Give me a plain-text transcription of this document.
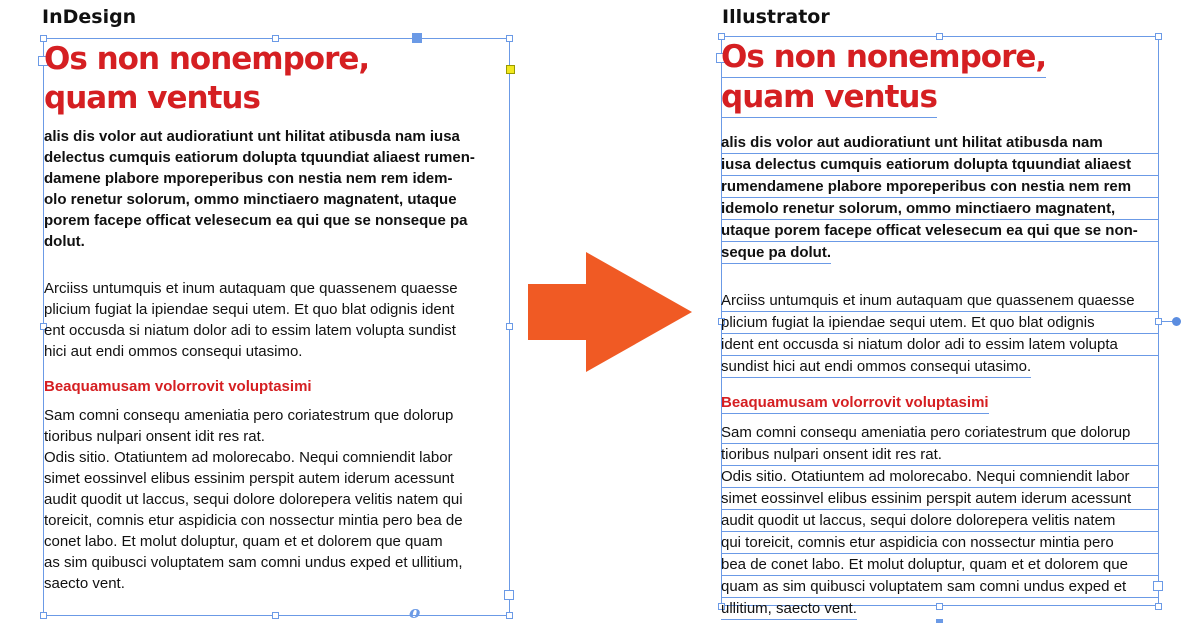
InDesign	Illustrator
o

Os non nonempore,
quam ventus

alis dis volor aut audioratiunt unt hilitat atibusda nam iusa
delectus cumquis eatiorum dolupta tquundiat aliaest rumen-
damene plabore mporeperibus con nestia nem rem idem-
olo renetur solorum, ommo minctiaero magnatent, utaque
porem facepe officat velesecum ea qui que se nonseque pa
dolut.

Arciiss untumquis et inum autaquam que quassenem quaesse
plicium fugiat la ipiendae sequi utem. Et quo blat odignis ident
ent occusda si niatum dolor adi to essim latem volupta sundist
hici aut endi ommos consequi utasimo.

Beaquamusam volorrovit voluptasimi

Sam comni consequ ameniatia pero coriatestrum que dolorup
tioribus nulpari onsent idit res rat.
Odis sitio. Otatiuntem ad molorecabo. Nequi comniendit labor
simet eossinvel elibus essinim perspit autem iderum acessunt
audit quodit ut laccus, sequi dolore dolorepera velitis natem qui
toreicit, comnis etur aspidicia con nossectur mintia pero bea de
conet labo. Et molut doluptur, quam et et dolorem que quam
as sim quibusci voluptatem sam comni undus exped et ullitium,
saecto vent.

Os non nonempore,
quam ventus

alis dis volor aut audioratiunt unt hilitat atibusda nam
iusa delectus cumquis eatiorum dolupta tquundiat aliaest
rumendamene plabore mporeperibus con nestia nem rem
idemolo renetur solorum, ommo minctiaero magnatent,
utaque porem facepe officat velesecum ea qui que se non-
seque pa dolut.

Arciiss untumquis et inum autaquam que quassenem quaesse
plicium fugiat la ipiendae sequi utem. Et quo blat odignis
ident ent occusda si niatum dolor adi to essim latem volupta
sundist hici aut endi ommos consequi utasimo.

Beaquamusam volorrovit voluptasimi

Sam comni consequ ameniatia pero coriatestrum que dolorup
tioribus nulpari onsent idit res rat.
Odis sitio. Otatiuntem ad molorecabo. Nequi comniendit labor
simet eossinvel elibus essinim perspit autem iderum acessunt
audit quodit ut laccus, sequi dolore dolorepera velitis natem
qui toreicit, comnis etur aspidicia con nossectur mintia pero
bea de conet labo. Et molut doluptur, quam et et dolorem que
quam as sim quibusci voluptatem sam comni undus exped et
ullitium, saecto vent.
